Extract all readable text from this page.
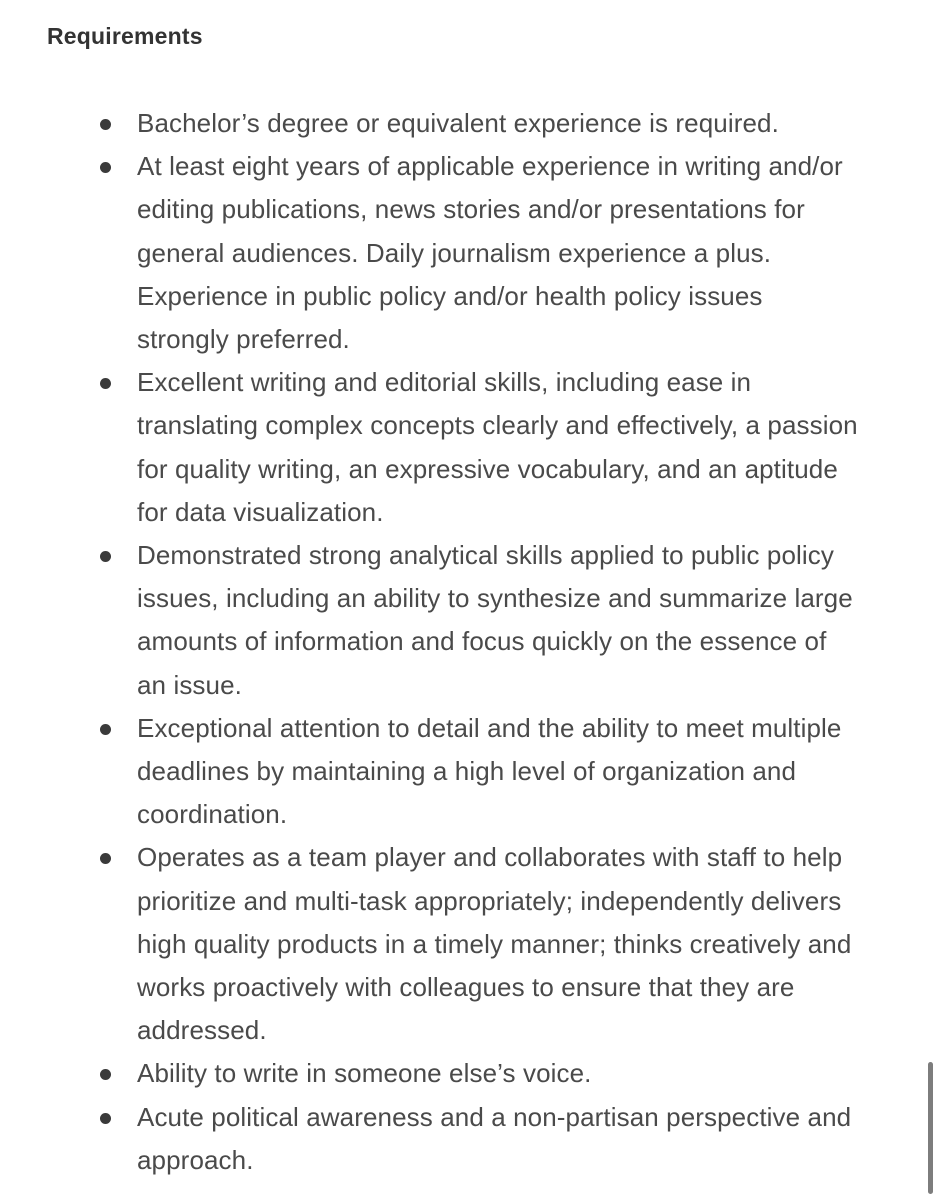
Requirements
Bachelor’s degree or equivalent experience is required.
At least eight years of applicable experience in writing and/or editing publications, news stories and/or presentations for general audiences. Daily journalism experience a plus. Experience in public policy and/or health policy issues strongly preferred.
Excellent writing and editorial skills, including ease in translating complex concepts clearly and effectively, a passion for quality writing, an expressive vocabulary, and an aptitude for data visualization.
Demonstrated strong analytical skills applied to public policy issues, including an ability to synthesize and summarize large amounts of information and focus quickly on the essence of an issue.
Exceptional attention to detail and the ability to meet multiple deadlines by maintaining a high level of organization and coordination.
Operates as a team player and collaborates with staff to help prioritize and multi-task appropriately; independently delivers high quality products in a timely manner; thinks creatively and works proactively with colleagues to ensure that they are addressed.
Ability to write in someone else’s voice.
Acute political awareness and a non-partisan perspective and approach.
